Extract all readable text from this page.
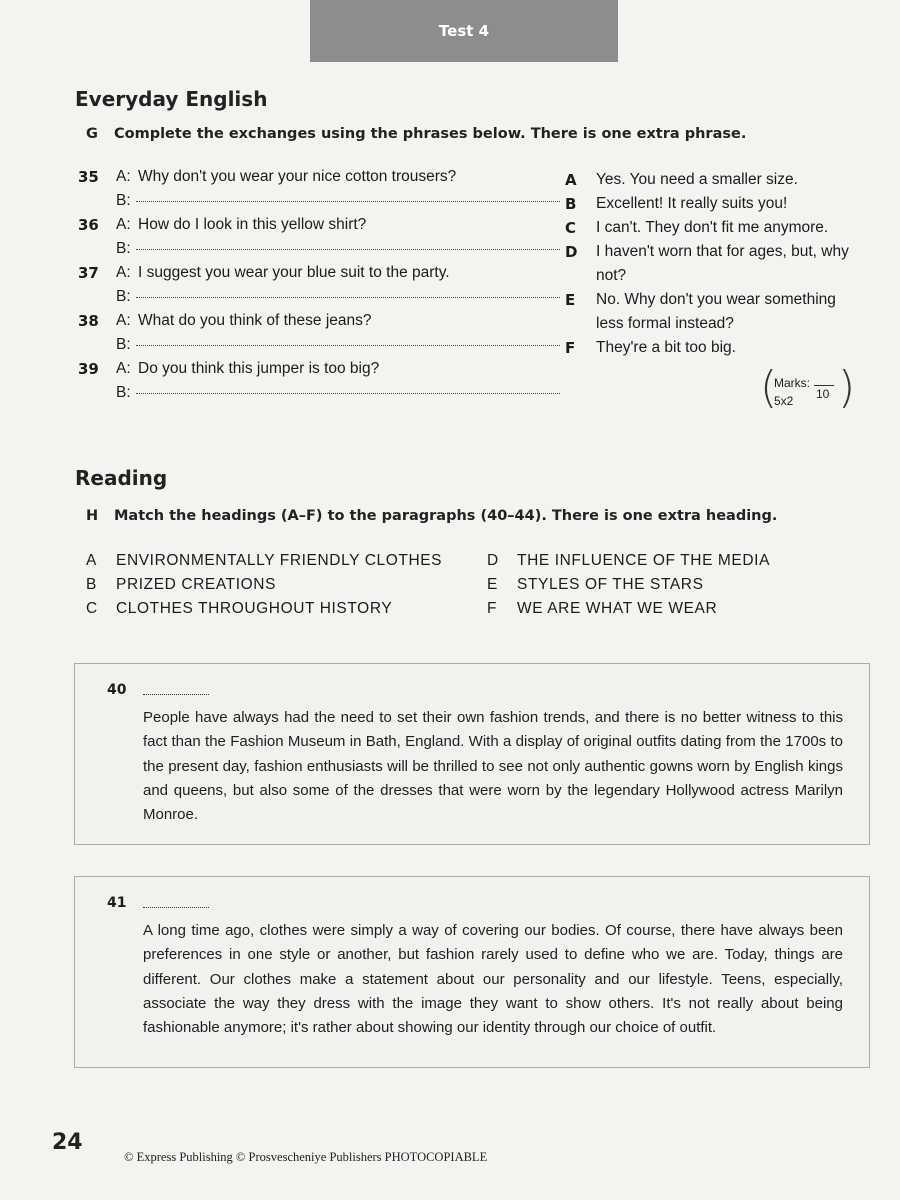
Test 4
Everyday English
G Complete the exchanges using the phrases below. There is one extra phrase.
35 A: Why don't you wear your nice cotton trousers?
B:
36 A: How do I look in this yellow shirt?
B:
37 A: I suggest you wear your blue suit to the party.
B:
38 A: What do you think of these jeans?
B:
39 A: Do you think this jumper is too big?
B:
A Yes. You need a smaller size.
B Excellent! It really suits you!
C I can't. They don't fit me anymore.
D I haven't worn that for ages, but, why not?
E No. Why don't you wear something less formal instead?
F They're a bit too big.
(
Marks:
10
5x2 )
Reading
H Match the headings (A–F) to the paragraphs (40–44). There is one extra heading.
A ENVIRONMENTALLY FRIENDLY CLOTHES
B PRIZED CREATIONS
C CLOTHES THROUGHOUT HISTORY
D THE INFLUENCE OF THE MEDIA
E STYLES OF THE STARS
F WE ARE WHAT WE WEAR
40
People have always had the need to set their own fashion trends, and there is no better witness to this fact than the Fashion Museum in Bath, England. With a display of original outfits dating from the 1700s to the present day, fashion enthusiasts will be thrilled to see not only authentic gowns worn by English kings and queens, but also some of the dresses that were worn by the legendary Hollywood actress Marilyn Monroe.
41
A long time ago, clothes were simply a way of covering our bodies. Of course, there have always been preferences in one style or another, but fashion rarely used to define who we are. Today, things are different. Our clothes make a statement about our personality and our lifestyle. Teens, especially, associate the way they dress with the image they want to show others. It's not really about being fashionable anymore; it's rather about showing our identity through our choice of outfit.
24
© Express Publishing © Prosvescheniye Publishers PHOTOCOPIABLE
